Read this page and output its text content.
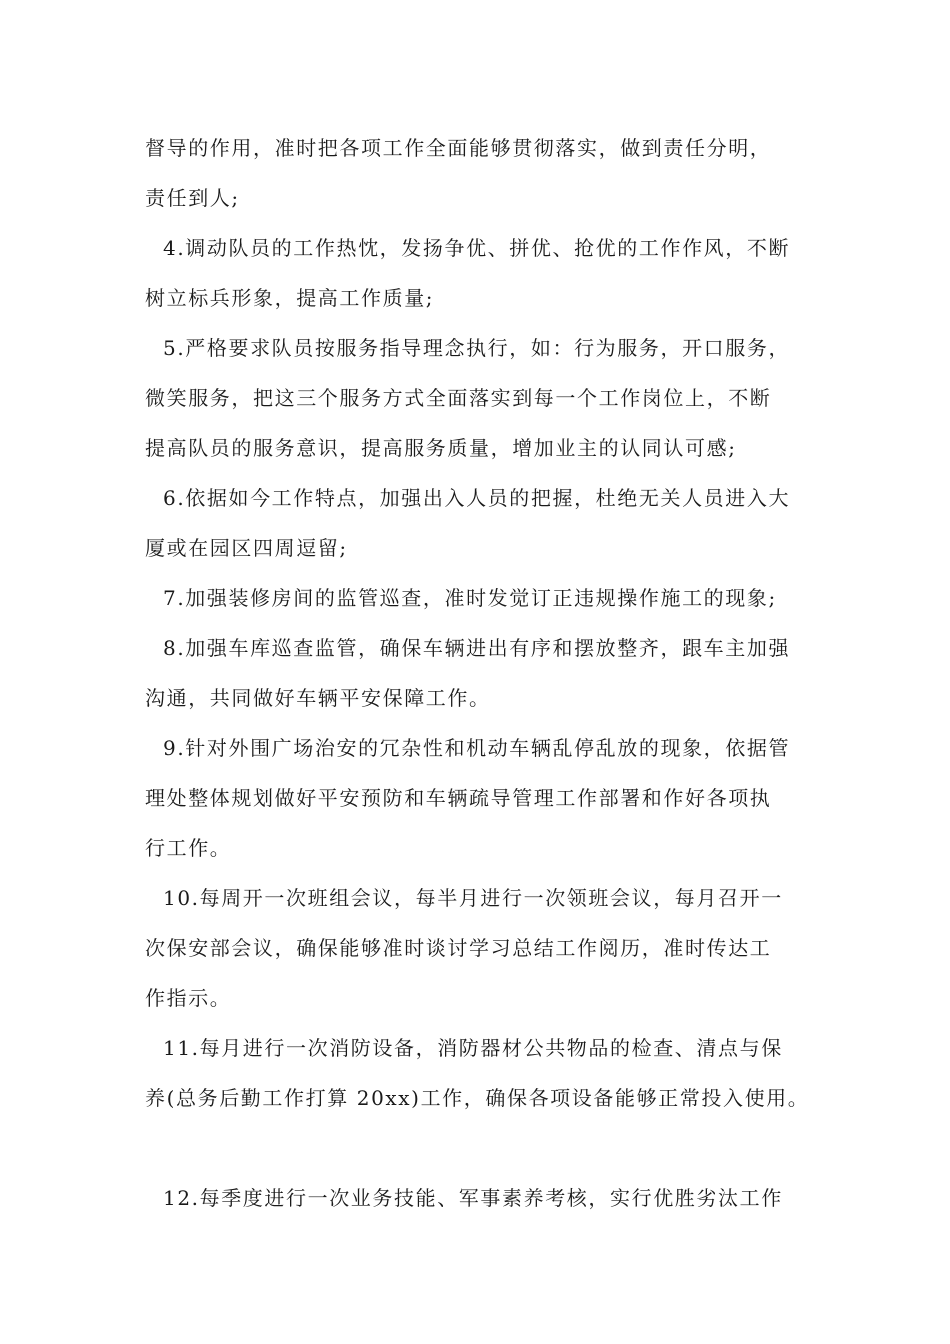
督导的作用，准时把各项工作全面能够贯彻落实，做到责任分明，
责任到人;
4.调动队员的工作热忱，发扬争优、拼优、抢优的工作作风，不断
树立标兵形象，提高工作质量;
5.严格要求队员按服务指导理念执行，如：行为服务，开口服务，
微笑服务，把这三个服务方式全面落实到每一个工作岗位上，不断
提高队员的服务意识，提高服务质量，增加业主的认同认可感;
6.依据如今工作特点，加强出入人员的把握，杜绝无关人员进入大
厦或在园区四周逗留;
7.加强装修房间的监管巡查，准时发觉订正违规操作施工的现象;
8.加强车库巡查监管，确保车辆进出有序和摆放整齐，跟车主加强
沟通，共同做好车辆平安保障工作。
9.针对外围广场治安的冗杂性和机动车辆乱停乱放的现象，依据管
理处整体规划做好平安预防和车辆疏导管理工作部署和作好各项执
行工作。
10.每周开一次班组会议，每半月进行一次领班会议，每月召开一
次保安部会议，确保能够准时谈讨学习总结工作阅历，准时传达工
作指示。
11.每月进行一次消防设备，消防器材公共物品的检查、清点与保
养(总务后勤工作打算 20xx)工作，确保各项设备能够正常投入使用。
12.每季度进行一次业务技能、军事素养考核，实行优胜劣汰工作
